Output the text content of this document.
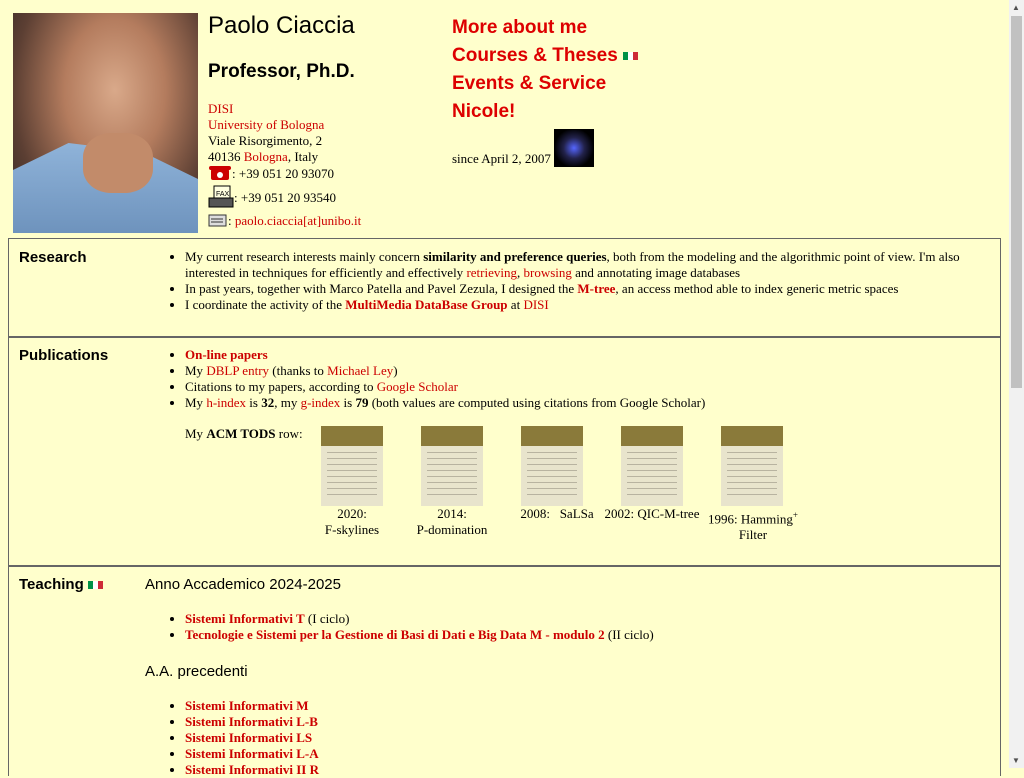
Paolo Ciaccia
Professor, Ph.D.
DISI
University of Bologna
Viale Risorgimento, 2
40136 Bologna, Italy
: +39 051 20 93070

FAX : +39 051 20 93540
: paolo.ciaccia[at]unibo.it
More about me
Courses & Theses
Events & Service
Nicole!
since April 2, 2007
Research	• My current research interests mainly concern similarity and preference queries, both from the modeling and the algorithmic point of view. I'm also interested in techniques for efficiently and effectively retrieving, browsing and annotating image databases
• In past years, together with Marco Patella and Pavel Zezula, I designed the M-tree, an access method able to index generic metric spaces
• I coordinate the activity of the MultiMedia DataBase Group at DISI
Publications	• On-line papers
• My DBLP entry (thanks to Michael Ley)
• Citations to my papers, according to Google Scholar
• My h-index is 32, my g-index is 79 (both values are computed using citations from Google Scholar)
My ACM TODS row:
2020:
F-skylines
2014:
P-domination
2008: SaLSa 2002: QIC-M-tree 1996: Hamming+
Filter
Teaching	Anno Accademico 2024-2025
• Sistemi Informativi T (I ciclo)
• Tecnologie e Sistemi per la Gestione di Basi di Dati e Big Data M - modulo 2 (II ciclo)
A.A. precedenti
• Sistemi Informativi M
• Sistemi Informativi L-B
• Sistemi Informativi LS
• Sistemi Informativi L-A
• Sistemi Informativi II R
▲
▼
